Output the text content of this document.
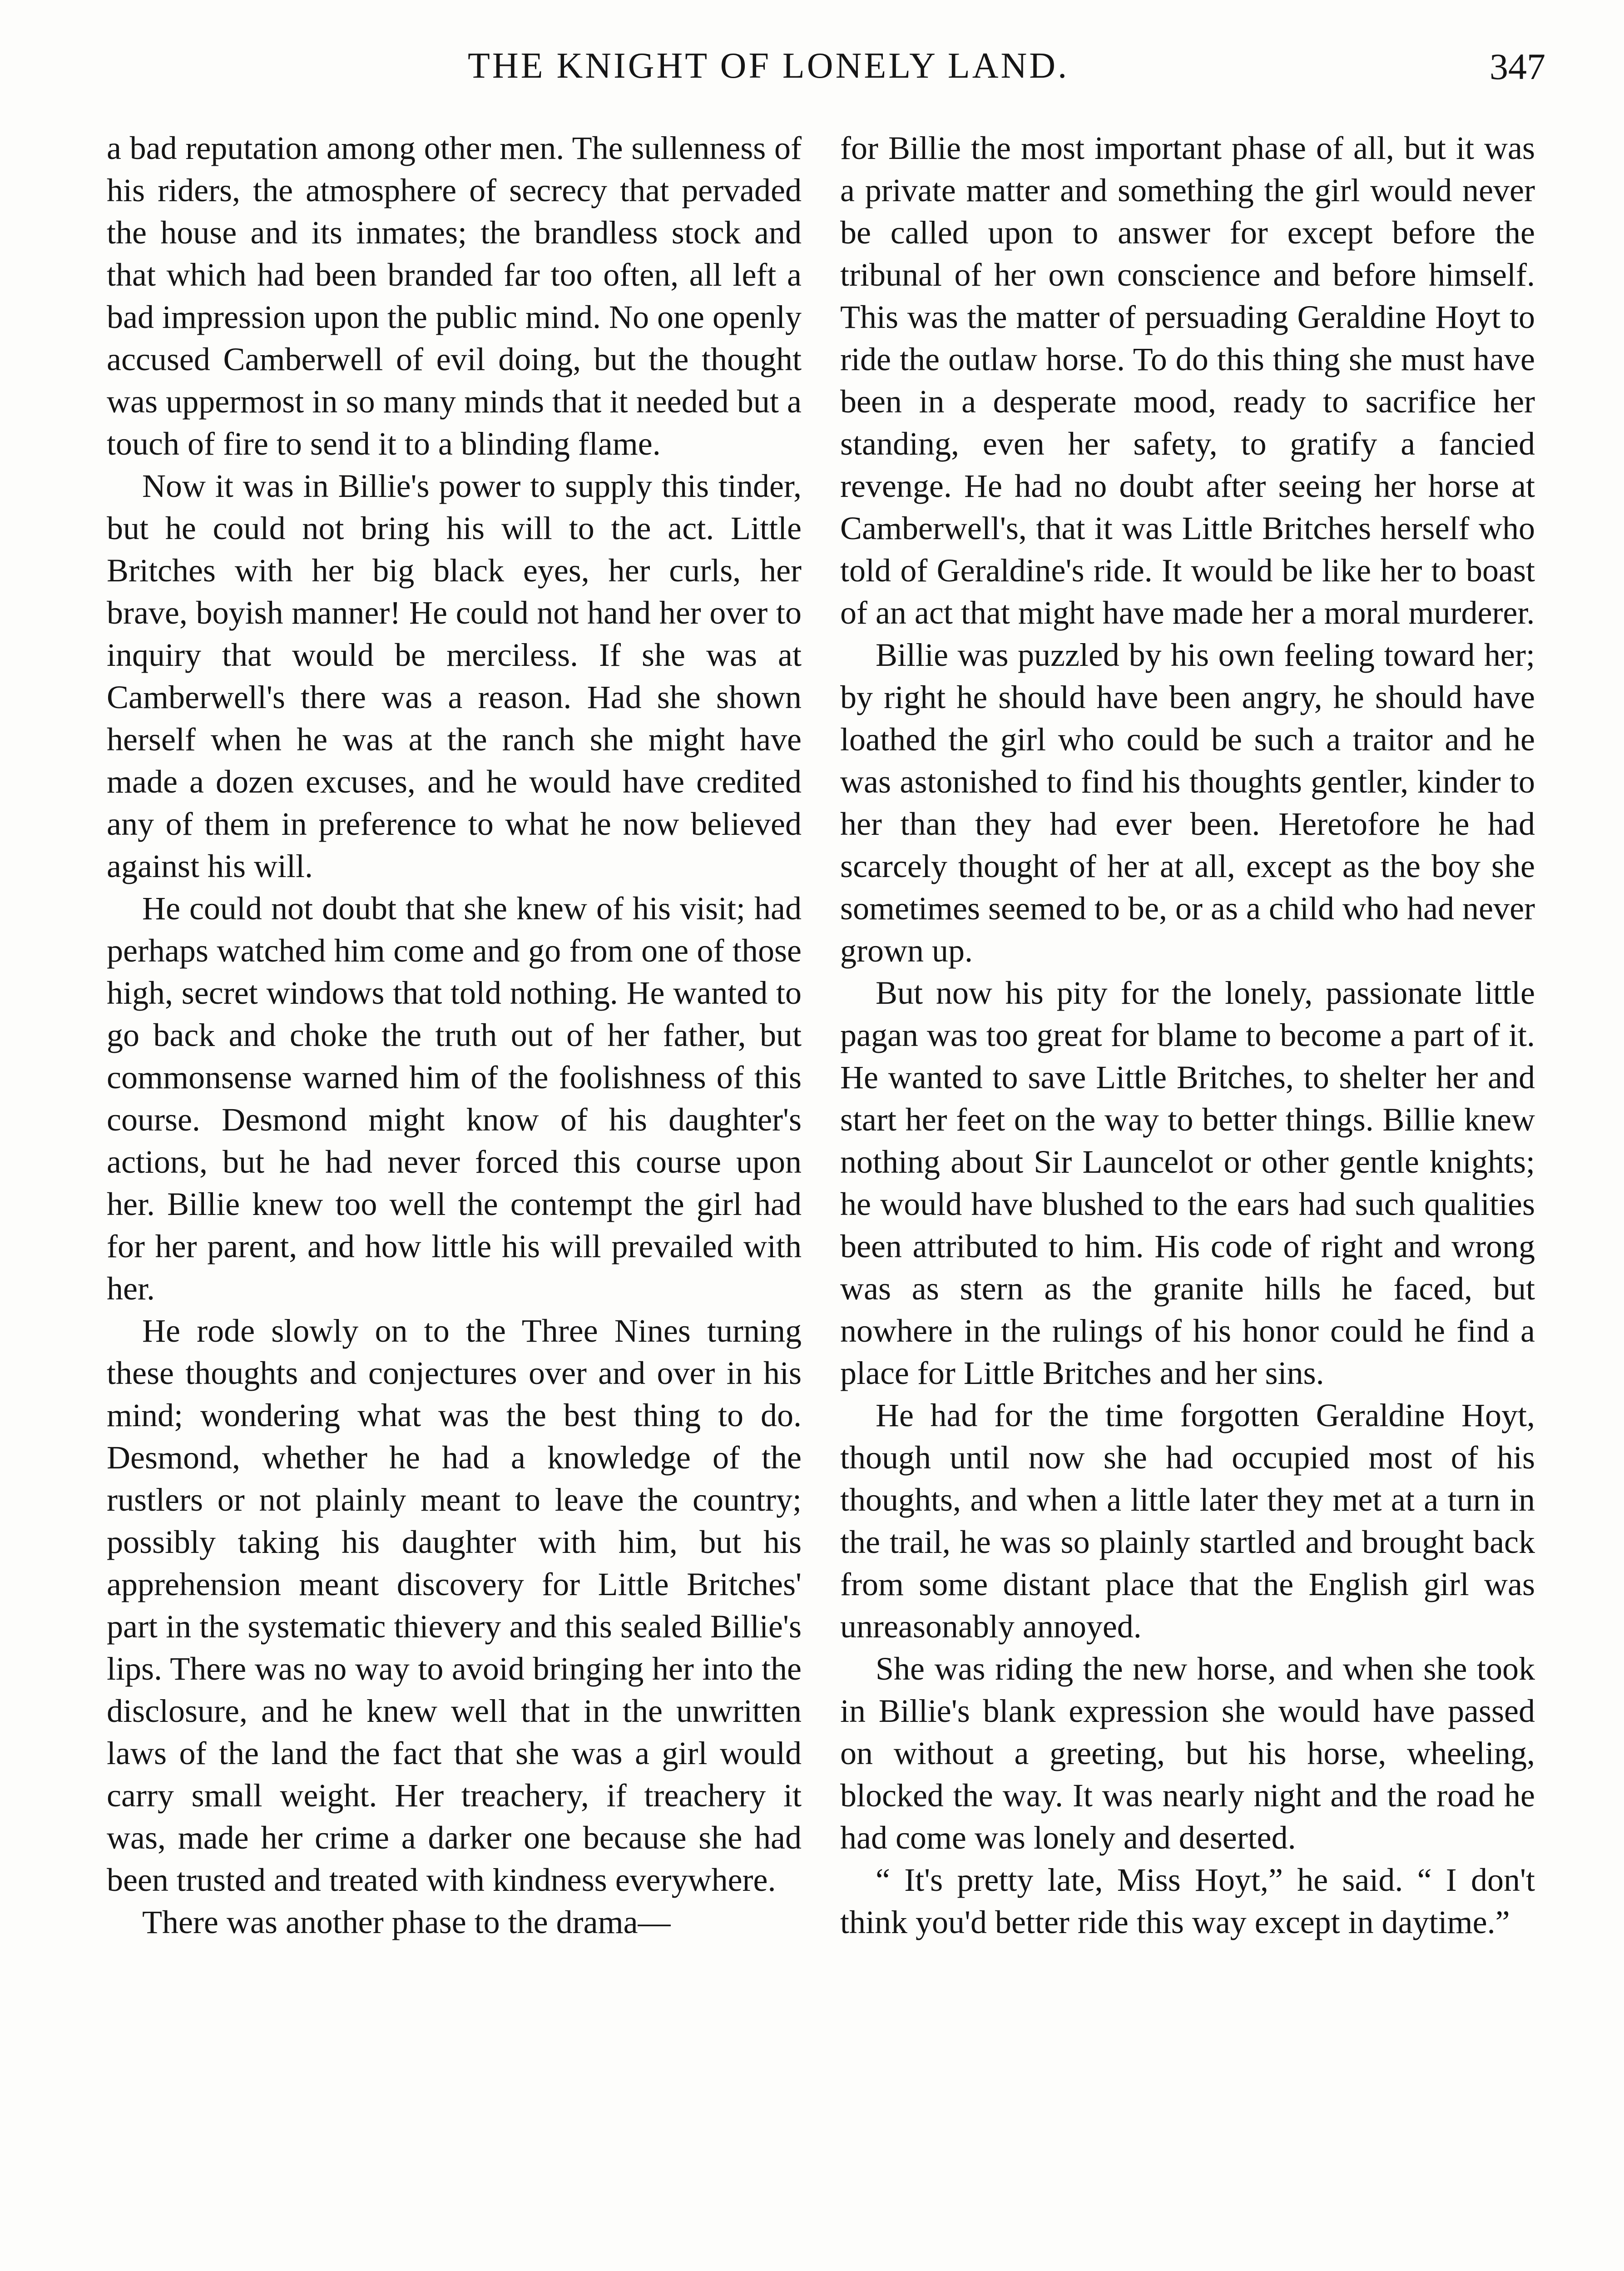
THE KNIGHT OF LONELY LAND.	347

a bad reputation among other men. The sullenness of his riders, the atmosphere of secrecy that pervaded the house and its inmates; the brandless stock and that which had been branded far too often, all left a bad impression upon the public mind. No one openly accused Camberwell of evil doing, but the thought was uppermost in so many minds that it needed but a touch of fire to send it to a blinding flame.

Now it was in Billie's power to supply this tinder, but he could not bring his will to the act. Little Britches with her big black eyes, her curls, her brave, boyish manner! He could not hand her over to inquiry that would be merciless. If she was at Camberwell's there was a reason. Had she shown herself when he was at the ranch she might have made a dozen excuses, and he would have credited any of them in preference to what he now believed against his will.

He could not doubt that she knew of his visit; had perhaps watched him come and go from one of those high, secret windows that told nothing. He wanted to go back and choke the truth out of her father, but commonsense warned him of the foolishness of this course. Desmond might know of his daughter's actions, but he had never forced this course upon her. Billie knew too well the contempt the girl had for her parent, and how little his will prevailed with her.

He rode slowly on to the Three Nines turning these thoughts and conjectures over and over in his mind; wondering what was the best thing to do. Desmond, whether he had a knowledge of the rustlers or not plainly meant to leave the country; possibly taking his daughter with him, but his apprehension meant discovery for Little Britches' part in the systematic thievery and this sealed Billie's lips. There was no way to avoid bringing her into the disclosure, and he knew well that in the unwritten laws of the land the fact that she was a girl would carry small weight. Her treachery, if treachery it was, made her crime a darker one because she had been trusted and treated with kindness everywhere.

There was another phase to the drama—

for Billie the most important phase of all, but it was a private matter and something the girl would never be called upon to answer for except before the tribunal of her own conscience and before himself. This was the matter of persuading Geraldine Hoyt to ride the outlaw horse. To do this thing she must have been in a desperate mood, ready to sacrifice her standing, even her safety, to gratify a fancied revenge. He had no doubt after seeing her horse at Camberwell's, that it was Little Britches herself who told of Geraldine's ride. It would be like her to boast of an act that might have made her a moral murderer.

Billie was puzzled by his own feeling toward her; by right he should have been angry, he should have loathed the girl who could be such a traitor and he was astonished to find his thoughts gentler, kinder to her than they had ever been. Heretofore he had scarcely thought of her at all, except as the boy she sometimes seemed to be, or as a child who had never grown up.

But now his pity for the lonely, passionate little pagan was too great for blame to become a part of it. He wanted to save Little Britches, to shelter her and start her feet on the way to better things. Billie knew nothing about Sir Launcelot or other gentle knights; he would have blushed to the ears had such qualities been attributed to him. His code of right and wrong was as stern as the granite hills he faced, but nowhere in the rulings of his honor could he find a place for Little Britches and her sins.

He had for the time forgotten Geraldine Hoyt, though until now she had occupied most of his thoughts, and when a little later they met at a turn in the trail, he was so plainly startled and brought back from some distant place that the English girl was unreasonably annoyed.

She was riding the new horse, and when she took in Billie's blank expression she would have passed on without a greeting, but his horse, wheeling, blocked the way. It was nearly night and the road he had come was lonely and deserted.

“ It's pretty late, Miss Hoyt,” he said. “ I don't think you'd better ride this way except in daytime.”
